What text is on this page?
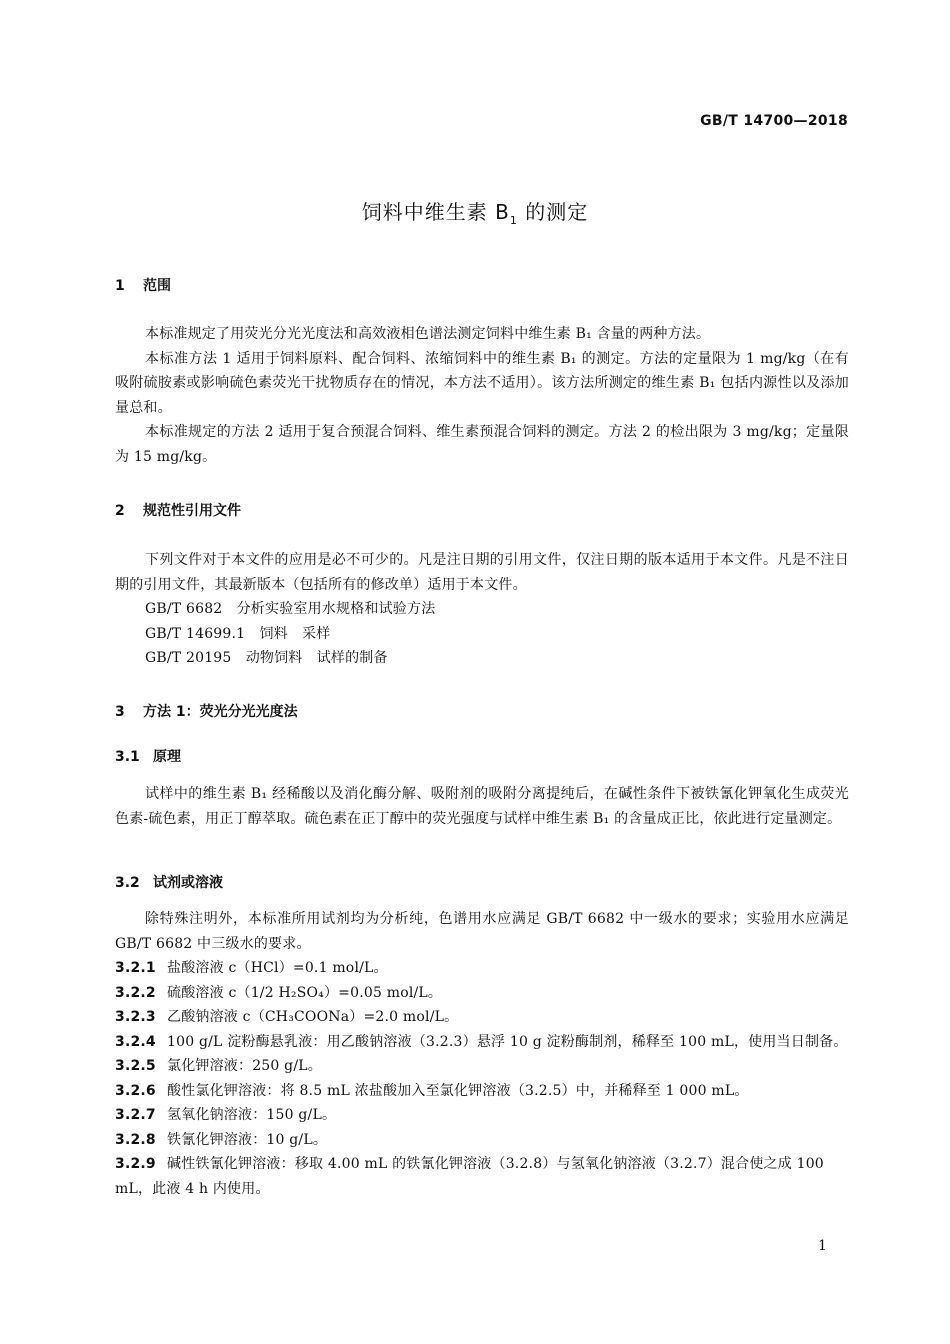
GB/T 14700—2018
饲料中维生素 $B_1$ 的测定
1 范围

本标准规定了用荧光分光光度法和高效液相色谱法测定饲料中维生素 B₁ 含量的两种方法。

本标准方法 1 适用于饲料原料、配合饲料、浓缩饲料中的维生素 B₁ 的测定。方法的定量限为 1 mg/kg（在有吸附硫胺素或影响硫色素荧光干扰物质存在的情况，本方法不适用）。该方法所测定的维生素 B₁ 包括内源性以及添加量总和。

本标准规定的方法 2 适用于复合预混合饲料、维生素预混合饲料的测定。方法 2 的检出限为 3 mg/kg；定量限为 15 mg/kg。

2 规范性引用文件

下列文件对于本文件的应用是必不可少的。凡是注日期的引用文件，仅注日期的版本适用于本文件。凡是不注日期的引用文件，其最新版本（包括所有的修改单）适用于本文件。

GB/T 6682　分析实验室用水规格和试验方法
GB/T 14699.1　饲料　采样
GB/T 20195　动物饲料　试样的制备
3 方法 1：荧光分光光度法
3.1 原理

试样中的维生素 B₁ 经稀酸以及消化酶分解、吸附剂的吸附分离提纯后，在碱性条件下被铁氰化钾氧化生成荧光色素-硫色素，用正丁醇萃取。硫色素在正丁醇中的荧光强度与试样中维生素 B₁ 的含量成正比，依此进行定量测定。

3.2 试剂或溶液

除特殊注明外，本标准所用试剂均为分析纯，色谱用水应满足 GB/T 6682 中一级水的要求；实验用水应满足 GB/T 6682 中三级水的要求。

3.2.1 盐酸溶液 c（HCl）=0.1 mol/L。
3.2.2 硫酸溶液 c（1/2 H₂SO₄）=0.05 mol/L。
3.2.3 乙酸钠溶液 c（CH₃COONa）=2.0 mol/L。
3.2.4 100 g/L 淀粉酶悬乳液：用乙酸钠溶液（3.2.3）悬浮 10 g 淀粉酶制剂，稀释至 100 mL，使用当日制备。
3.2.5 氯化钾溶液：250 g/L。
3.2.6 酸性氯化钾溶液：将 8.5 mL 浓盐酸加入至氯化钾溶液（3.2.5）中，并稀释至 1 000 mL。
3.2.7 氢氧化钠溶液：150 g/L。
3.2.8 铁氰化钾溶液：10 g/L。
3.2.9 碱性铁氰化钾溶液：移取 4.00 mL 的铁氰化钾溶液（3.2.8）与氢氧化钠溶液（3.2.7）混合使之成 100 mL，此液 4 h 内使用。
1
